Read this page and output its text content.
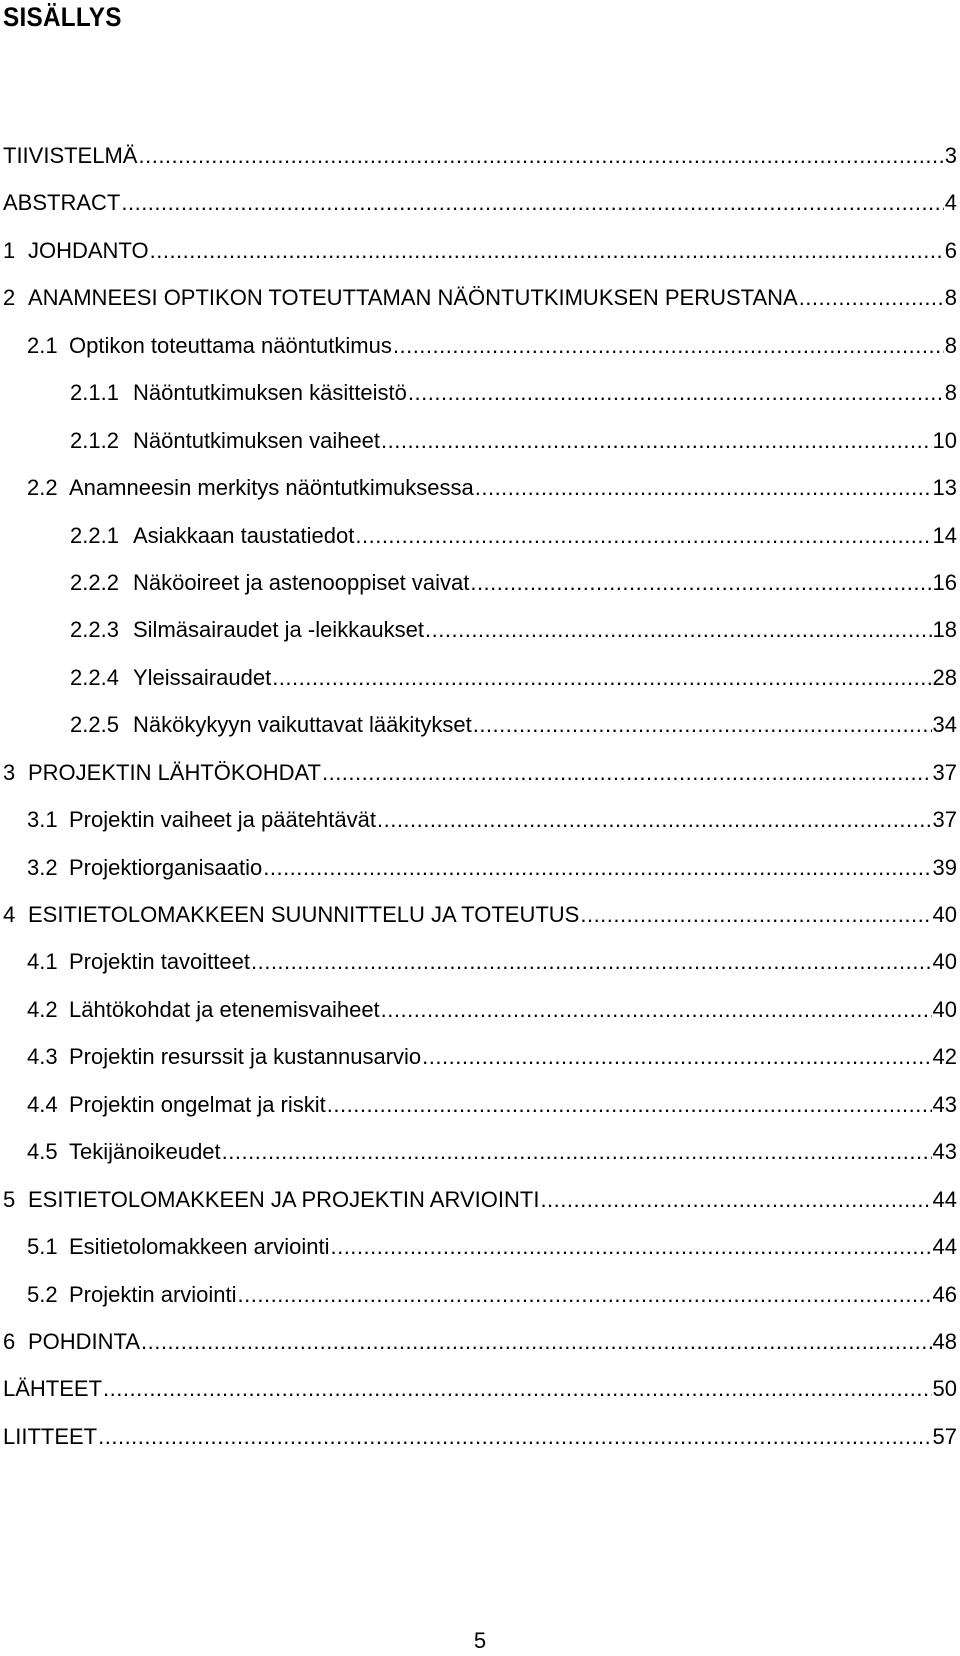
SISÄLLYS
TIIVISTELMÄ .....	3
ABSTRACT .....	4
1 JOHDANTO .....	6
2 ANAMNEESI OPTIKON TOTEUTTAMAN NÄÖNTUTKIMUKSEN PERUSTANA .....	8
2.1 Optikon toteuttama näöntutkimus .....	8
2.1.1 Näöntutkimuksen käsitteistö .....	8
2.1.2 Näöntutkimuksen vaiheet .....	10
2.2 Anamneesin merkitys näöntutkimuksessa .....	13
2.2.1 Asiakkaan taustatiedot .....	14
2.2.2 Näköoireet ja astenooppiset vaivat .....	16
2.2.3 Silmäsairaudet ja -leikkaukset .....	18
2.2.4 Yleissairaudet .....	28
2.2.5 Näkökykyyn vaikuttavat lääkitykset .....	34
3 PROJEKTIN LÄHTÖKOHDAT .....	37
3.1 Projektin vaiheet ja päätehtävät .....	37
3.2 Projektiorganisaatio .....	39
4 ESITIETOLOMAKKEEN SUUNNITTELU JA TOTEUTUS .....	40
4.1 Projektin tavoitteet .....	40
4.2 Lähtökohdat ja etenemisvaiheet .....	40
4.3 Projektin resurssit ja kustannusarvio .....	42
4.4 Projektin ongelmat ja riskit .....	43
4.5 Tekijänoikeudet .....	43
5 ESITIETOLOMAKKEEN JA PROJEKTIN ARVIOINTI .....	44
5.1 Esitietolomakkeen arviointi .....	44
5.2 Projektin arviointi .....	46
6 POHDINTA .....	48
LÄHTEET .....	50
LIITTEET .....	57
5
